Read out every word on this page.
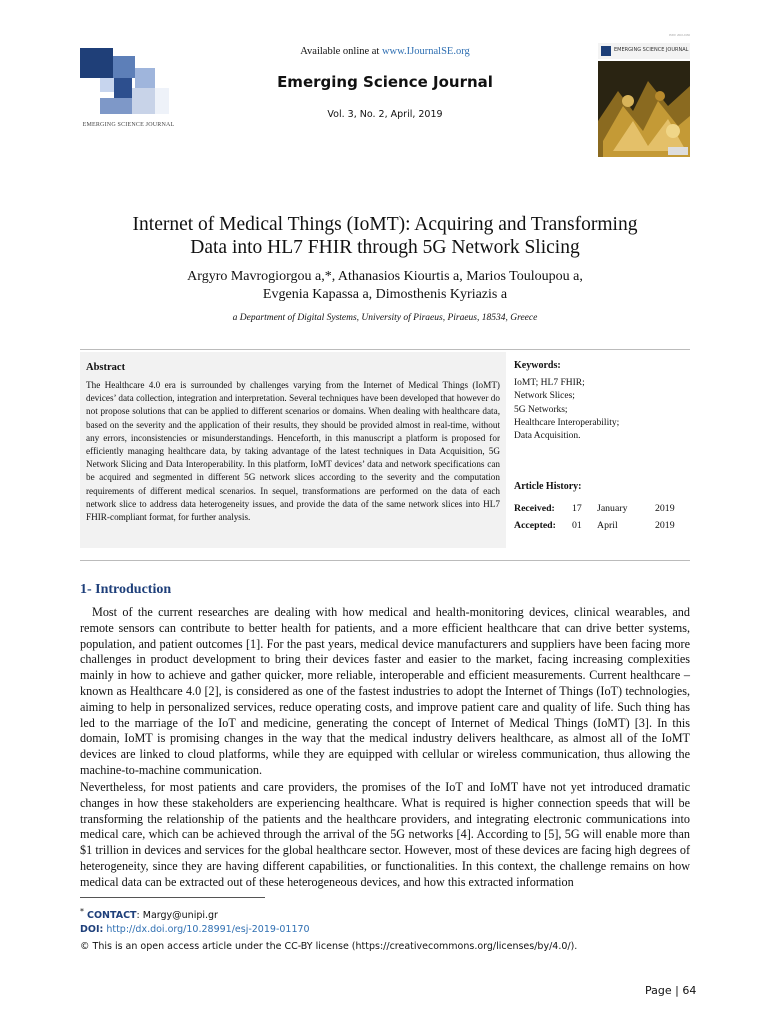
Available online at www.IJournalSE.org
Emerging Science Journal
Vol. 3, No. 2, April, 2019
EMERGING SCIENCE JOURNAL
ISSN: 2610-9182
EMERGING SCIENCE JOURNAL
Internet of Medical Things (IoMT): Acquiring and Transforming
Data into HL7 FHIR through 5G Network Slicing
Argyro Mavrogiorgou a,*, Athanasios Kiourtis a, Marios Touloupou a,
Evgenia Kapassa a, Dimosthenis Kyriazis a
a Department of Digital Systems, University of Piraeus, Piraeus, 18534, Greece
Abstract
The Healthcare 4.0 era is surrounded by challenges varying from the Internet of Medical Things (IoMT) devices’ data collection, integration and interpretation. Several techniques have been developed that however do not propose solutions that can be applied to different scenarios or domains. When dealing with healthcare data, based on the severity and the application of their results, they should be provided almost in real-time, without any errors, inconsistencies or misunderstandings. Henceforth, in this manuscript a platform is proposed for efficiently managing healthcare data, by taking advantage of the latest techniques in Data Acquisition, 5G Network Slicing and Data Interoperability. In this platform, IoMT devices’ data and network specifications can be acquired and segmented in different 5G network slices according to the severity and the computation requirements of different medical scenarios. In sequel, transformations are performed on the data of each network slice to address data heterogeneity issues, and provide the data of the same network slices into HL7 FHIR-compliant format, for further analysis.
Keywords:
IoMT; HL7 FHIR;
Network Slices;
5G Networks;
Healthcare Interoperability;
Data Acquisition.
Article History:
Received: 17 January	2019
Accepted: 01 April	2019
1- Introduction
Most of the current researches are dealing with how medical and health-monitoring devices, clinical wearables, and remote sensors can contribute to better health for patients, and a more efficient healthcare that can drive better systems, population, and patient outcomes [1]. For the past years, medical device manufacturers and suppliers have been facing more challenges in product development to bring their devices faster and easier to the market, facing increasing complexities mainly in how to achieve and gather quicker, more reliable, interoperable and efficient measurements. Current healthcare – known as Healthcare 4.0 [2], is considered as one of the fastest industries to adopt the Internet of Things (IoT) technologies, aiming to help in personalized services, reduce operating costs, and improve patient care and quality of life. Such thing has led to the marriage of the IoT and medicine, generating the concept of Internet of Medical Things (IoMT) [3]. In this domain, IoMT is promising changes in the way that the medical industry delivers healthcare, as almost all of the IoMT devices are linked to cloud platforms, while they are equipped with cellular or wireless communication, thus allowing the machine-to-machine communication.
Nevertheless, for most patients and care providers, the promises of the IoT and IoMT have not yet introduced dramatic changes in how these stakeholders are experiencing healthcare. What is required is higher connection speeds that will be transforming the relationship of the patients and the healthcare providers, and integrating electronic communications into medical care, which can be achieved through the arrival of the 5G networks [4]. According to [5], 5G will enable more than $1 trillion in devices and services for the global healthcare sector. However, most of these devices are facing high degrees of heterogeneity, since they are having different capabilities, or functionalities. In this context, the challenge remains on how medical data can be extracted out of these heterogeneous devices, and how this extracted information
* CONTACT: Margy@unipi.gr
DOI: http://dx.doi.org/10.28991/esj-2019-01170
© This is an open access article under the CC-BY license (https://creativecommons.org/licenses/by/4.0/).
Page | 64
